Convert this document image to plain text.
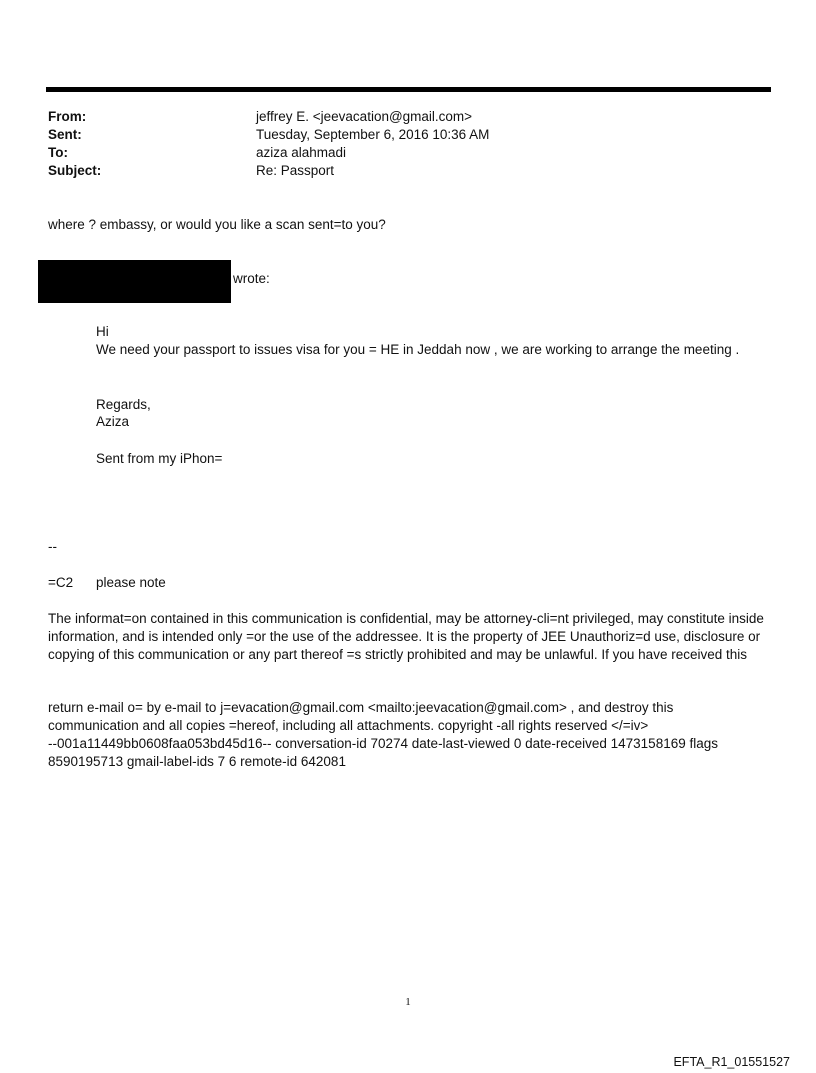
From:	jeffrey E. <jeevacation@gmail.com>
Sent:	Tuesday, September 6, 2016 10:36 AM
To:	aziza alahmadi
Subject:	Re: Passport
where ? embassy, or would you like a scan sent=to you?
wrote:
Hi
We need your passport to issues visa for you = HE in Jeddah now , we are working to arrange the meeting .
Regards,
Aziza
Sent from my iPhon=
--
=C2 please note
The informat=on contained in this communication is confidential, may be attorney-cli=nt privileged, may constitute inside information, and is intended only =or the use of the addressee. It is the property of JEE Unauthoriz=d use, disclosure or copying of this communication or any part thereof =s strictly prohibited and may be unlawful. If you have received this
return e-mail o= by e-mail to j=evacation@gmail.com <mailto:jeevacation@gmail.com> , and destroy this
communication and all copies =hereof, including all attachments. copyright -all rights reserved </=iv>
--001a11449bb0608faa053bd45d16-- conversation-id 70274 date-last-viewed 0 date-received 1473158169 flags
8590195713 gmail-label-ids 7 6 remote-id 642081
1
EFTA_R1_01551527
